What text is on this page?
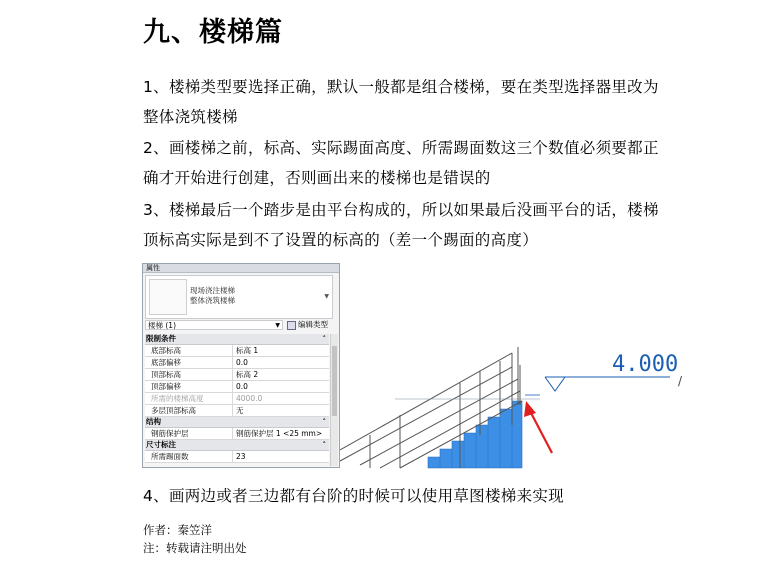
九、楼梯篇
1、楼梯类型要选择正确，默认一般都是组合楼梯，要在类型选择器里改为整体浇筑楼梯
2、画楼梯之前，标高、实际踢面高度、所需踢面数这三个数值必须要都正确才开始进行创建，否则画出来的楼梯也是错误的
3、楼梯最后一个踏步是由平台构成的，所以如果最后没画平台的话，楼梯顶标高实际是到不了设置的标高的（差一个踢面的高度）
属性
现场浇注楼梯
整体浇筑楼梯	▼
楼梯 (1)	▼	编辑类型
限制条件	˄
底部标高	标高 1
底部偏移	0.0
顶部标高	标高 2
顶部偏移	0.0
所需的楼梯高度	4000.0
多层顶部标高	无
结构	˄
钢筋保护层	钢筋保护层 1 <25 mm>
尺寸标注	˄
所需踢面数	23
4.000
/
4、画两边或者三边都有台阶的时候可以使用草图楼梯来实现
作者：秦笠洋
注：转载请注明出处
